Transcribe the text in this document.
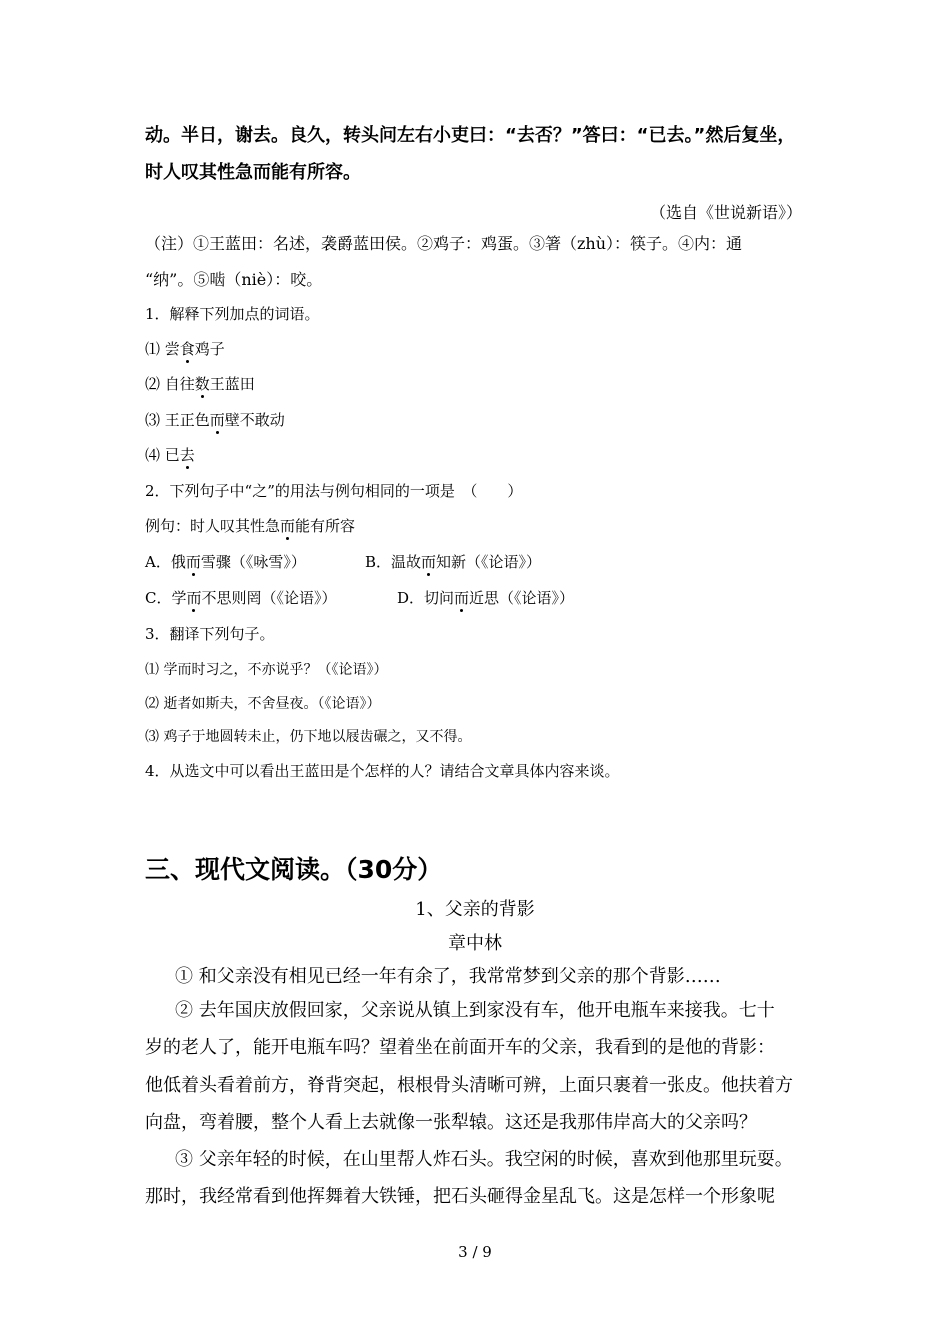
动。半日，谢去。良久，转头问左右小吏曰：“去否？”答曰：“已去。”然后复坐，
时人叹其性急而能有所容。
（选自《世说新语》）
（注）①王蓝田：名述，袭爵蓝田侯。②鸡子：鸡蛋。③箸（zhù）：筷子。④内：通
“纳”。⑤啮（niè）：咬。
1．解释下列加点的词语。
⑴ 尝食鸡子
⑵ 自往数王蓝田
⑶ 王正色而壁不敢动
⑷ 已去
2．下列句子中“之”的用法与例句相同的一项是　（　　）
例句：时人叹其性急而能有所容
A．俄而雪骤（《咏雪》）	B．温故而知新（《论语》）
C．学而不思则罔（《论语》）	D．切问而近思（《论语》）
3．翻译下列句子。
⑴ 学而时习之，不亦说乎？（《论语》）
⑵ 逝者如斯夫，不舍昼夜。（《论语》）
⑶ 鸡子于地圆转未止，仍下地以屐齿碾之，又不得。
4．从选文中可以看出王蓝田是个怎样的人？请结合文章具体内容来谈。
三、现代文阅读。（30分）
1、父亲的背影
章中林
① 和父亲没有相见已经一年有余了，我常常梦到父亲的那个背影……
② 去年国庆放假回家，父亲说从镇上到家没有车，他开电瓶车来接我。七十
岁的老人了，能开电瓶车吗？望着坐在前面开车的父亲，我看到的是他的背影：
他低着头看着前方，脊背突起，根根骨头清晰可辨，上面只裹着一张皮。他扶着方
向盘，弯着腰，整个人看上去就像一张犁辕。这还是我那伟岸高大的父亲吗？
③ 父亲年轻的时候，在山里帮人炸石头。我空闲的时候，喜欢到他那里玩耍。
那时，我经常看到他挥舞着大铁锤，把石头砸得金星乱飞。这是怎样一个形象呢
3 / 9
